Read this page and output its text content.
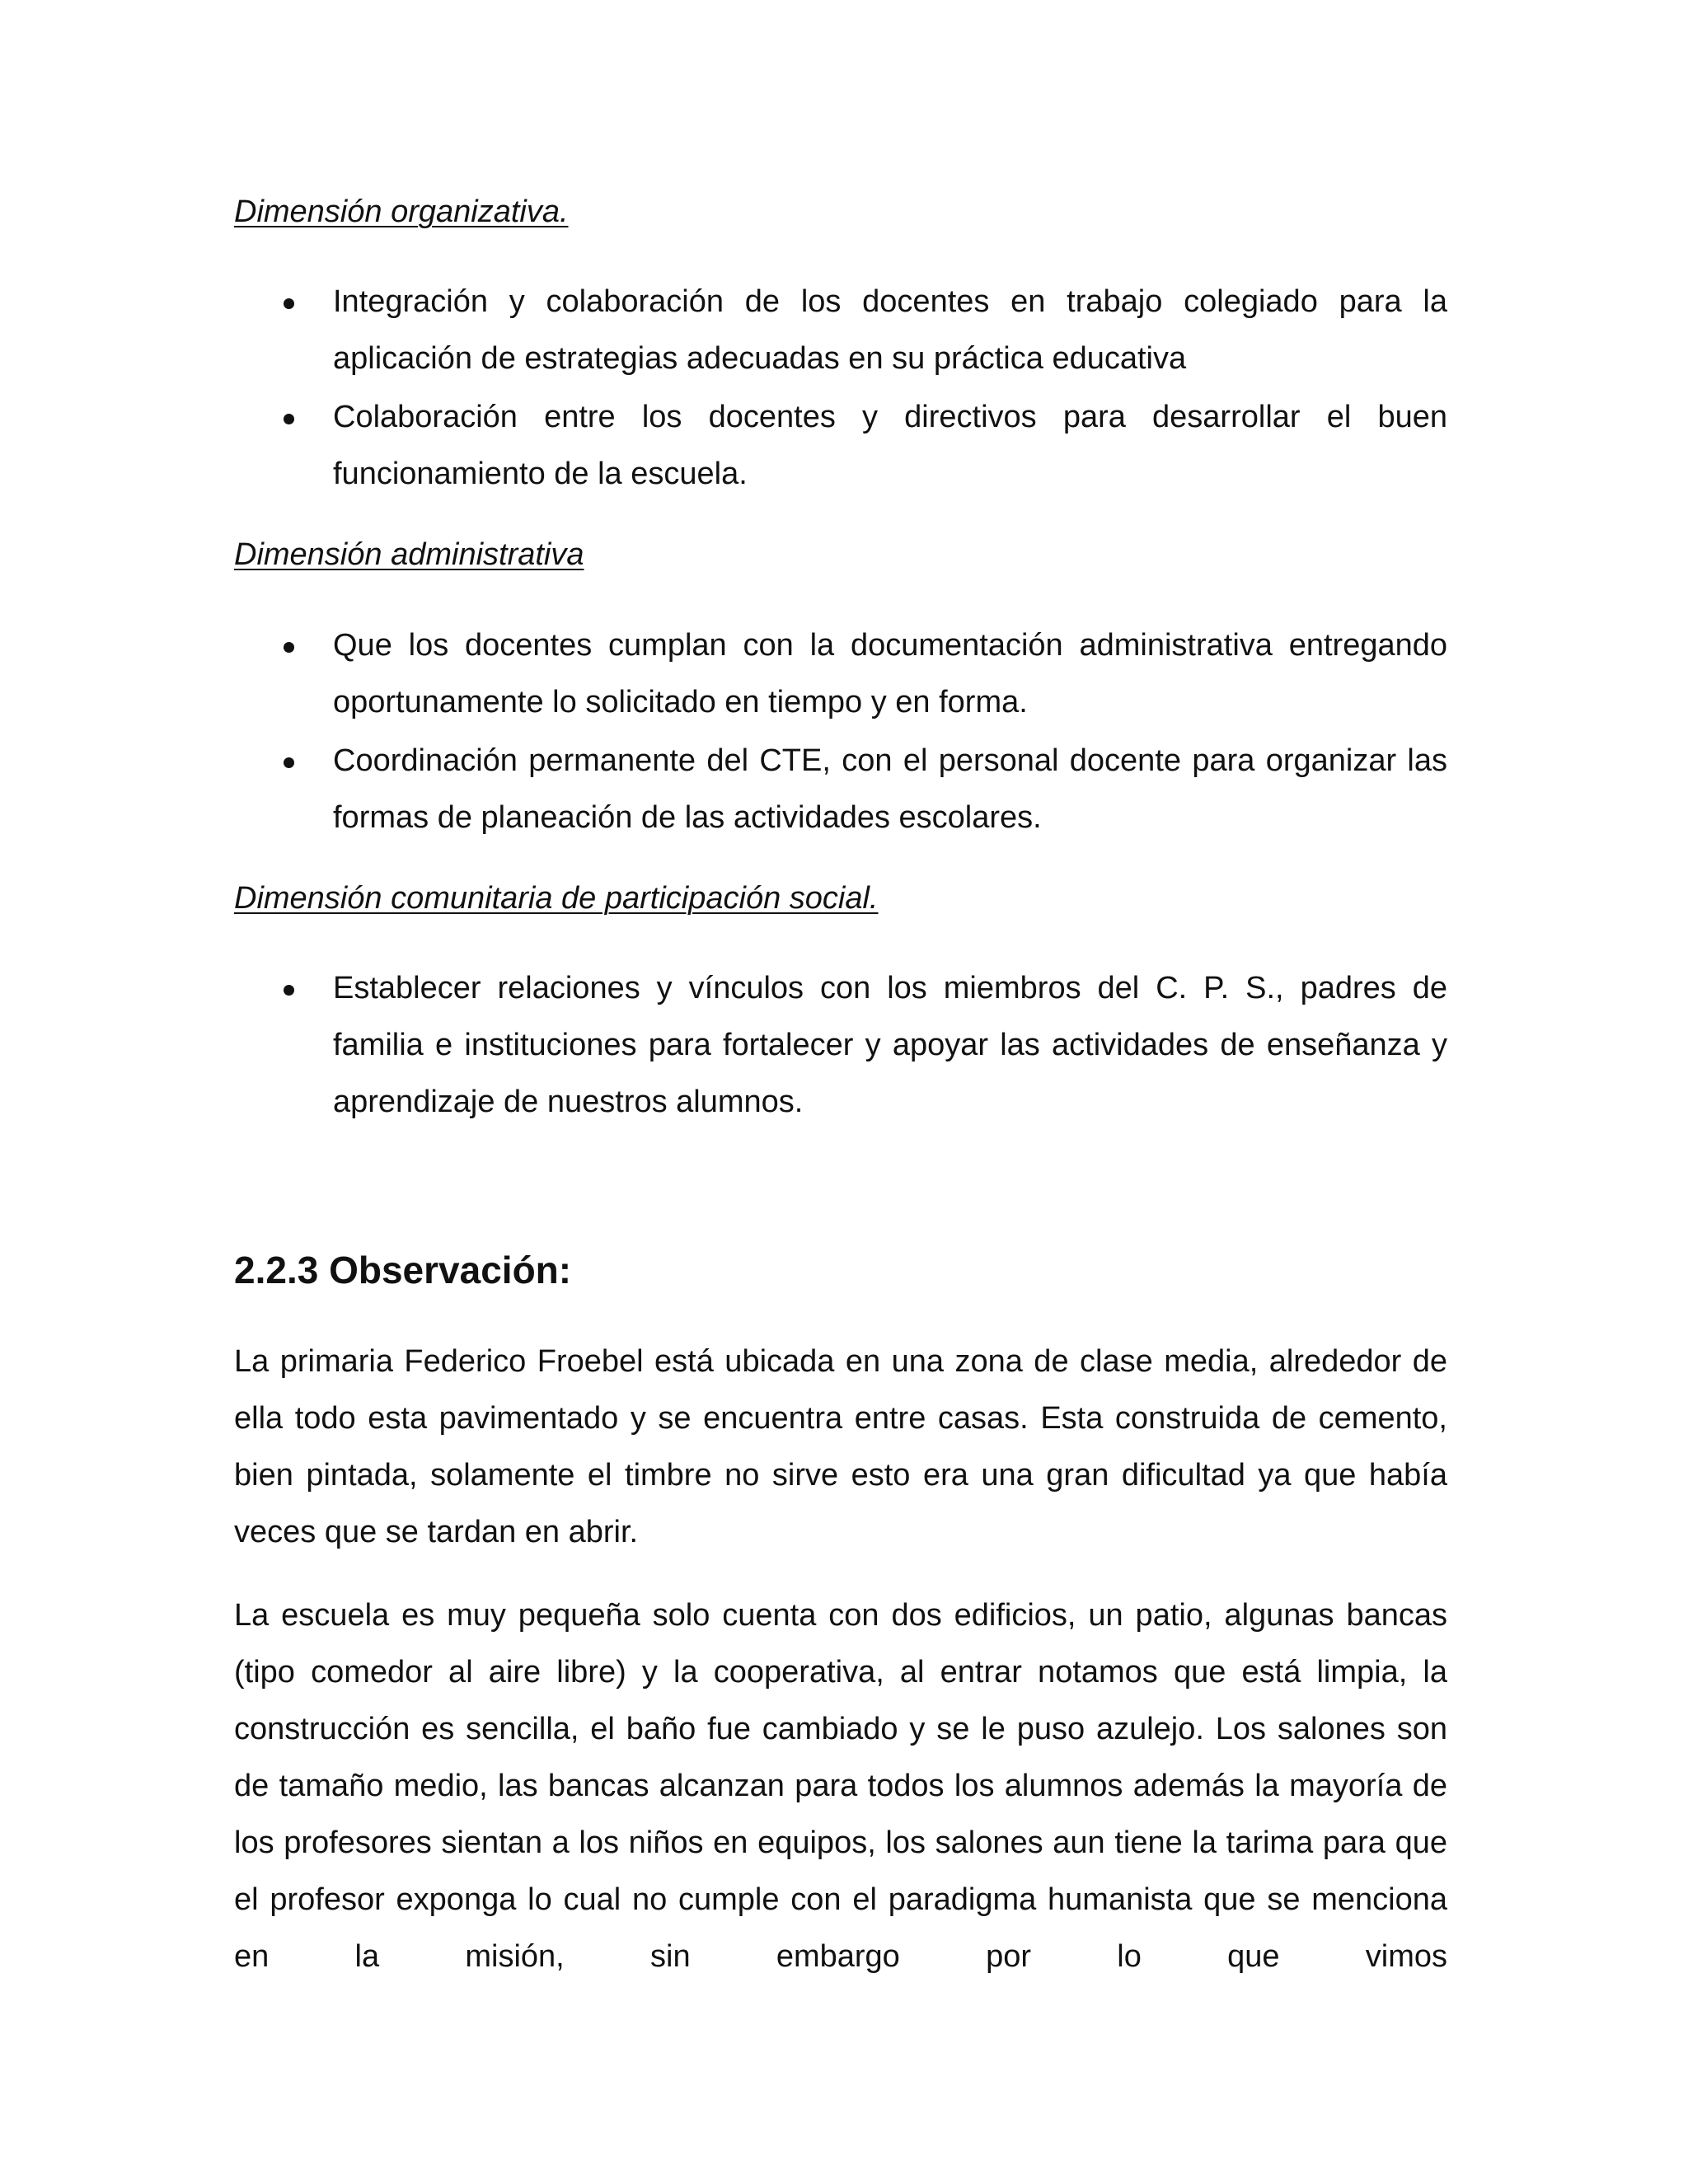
Dimensión organizativa.
Integración y colaboración de los docentes en trabajo colegiado para la aplicación de estrategias adecuadas en su práctica educativa
Colaboración entre los docentes y directivos para desarrollar el buen funcionamiento de la escuela.
Dimensión administrativa
Que los docentes cumplan con la documentación administrativa entregando oportunamente lo solicitado en tiempo y en forma.
Coordinación permanente del CTE, con el personal docente para organizar las formas de planeación de las actividades escolares.
Dimensión comunitaria de participación social.
Establecer relaciones y vínculos con los miembros del C. P. S., padres de familia e instituciones para fortalecer y apoyar las actividades de enseñanza y aprendizaje de nuestros alumnos.
2.2.3 Observación:
La primaria Federico Froebel está ubicada en una zona de clase media, alrededor de ella todo esta pavimentado y se encuentra entre casas. Esta construida de cemento, bien pintada, solamente el timbre no sirve esto era una gran dificultad ya que había veces que se tardan en abrir.
La escuela es muy pequeña solo cuenta con dos edificios, un patio, algunas bancas (tipo comedor al aire libre) y la cooperativa, al entrar notamos que está limpia, la construcción es sencilla, el baño fue cambiado y se le puso azulejo. Los salones son de tamaño medio, las bancas alcanzan para todos los alumnos además la mayoría de los profesores sientan a los niños en equipos, los salones aun tiene la tarima para que el profesor exponga lo cual no cumple con el paradigma humanista que se menciona en la misión, sin embargo por lo que vimos
